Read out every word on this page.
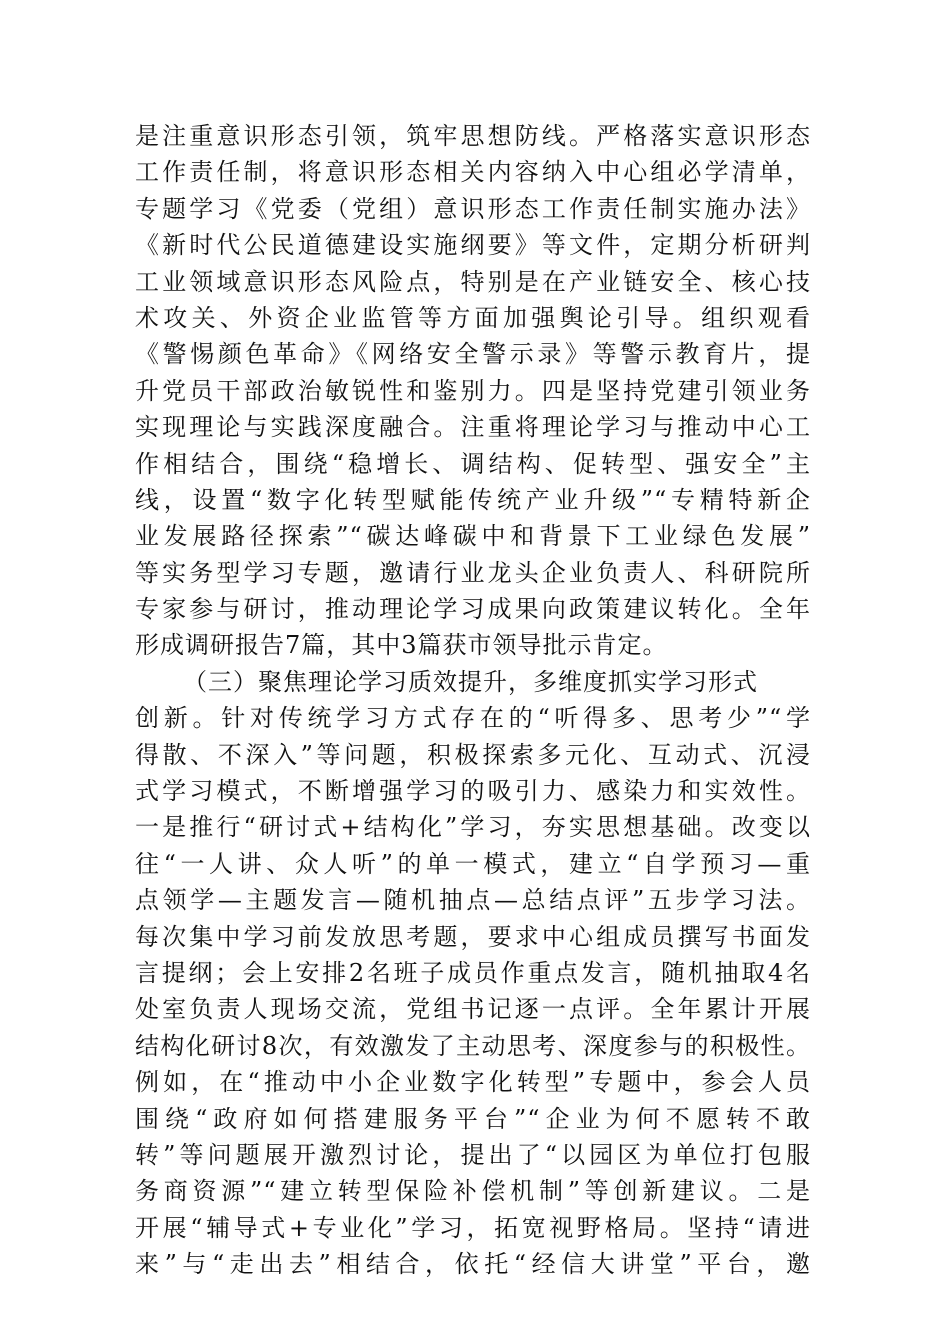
是注重意识形态引领，筑牢思想防线。严格落实意识形态
工作责任制，将意识形态相关内容纳入中心组必学清单，
专题学习《党委（党组）意识形态工作责任制实施办法》
《新时代公民道德建设实施纲要》等文件，定期分析研判
工业领域意识形态风险点，特别是在产业链安全、核心技
术攻关、外资企业监管等方面加强舆论引导。组织观看
《警惕颜色革命》《网络安全警示录》等警示教育片，提
升党员干部政治敏锐性和鉴别力。四是坚持党建引领业务
实现理论与实践深度融合。注重将理论学习与推动中心工
作相结合，围绕“稳增长、调结构、促转型、强安全”主
线，设置“数字化转型赋能传统产业升级”“专精特新企
业发展路径探索”“碳达峰碳中和背景下工业绿色发展”
等实务型学习专题，邀请行业龙头企业负责人、科研院所
专家参与研讨，推动理论学习成果向政策建议转化。全年
形成调研报告7篇，其中3篇获市领导批示肯定。
（三）聚焦理论学习质效提升，多维度抓实学习形式
创新。针对传统学习方式存在的“听得多、思考少”“学
得散、不深入”等问题，积极探索多元化、互动式、沉浸
式学习模式，不断增强学习的吸引力、感染力和实效性。
一是推行“研讨式+结构化”学习，夯实思想基础。改变以
往“一人讲、众人听”的单一模式，建立“自学预习—重
点领学—主题发言—随机抽点—总结点评”五步学习法。
每次集中学习前发放思考题，要求中心组成员撰写书面发
言提纲；会上安排2名班子成员作重点发言，随机抽取4名
处室负责人现场交流，党组书记逐一点评。全年累计开展
结构化研讨8次，有效激发了主动思考、深度参与的积极性。
例如，在“推动中小企业数字化转型”专题中，参会人员
围绕“政府如何搭建服务平台”“企业为何不愿转不敢
转”等问题展开激烈讨论，提出了“以园区为单位打包服
务商资源”“建立转型保险补偿机制”等创新建议。二是
开展“辅导式+专业化”学习，拓宽视野格局。坚持“请进
来”与“走出去”相结合，依托“经信大讲堂”平台，邀
